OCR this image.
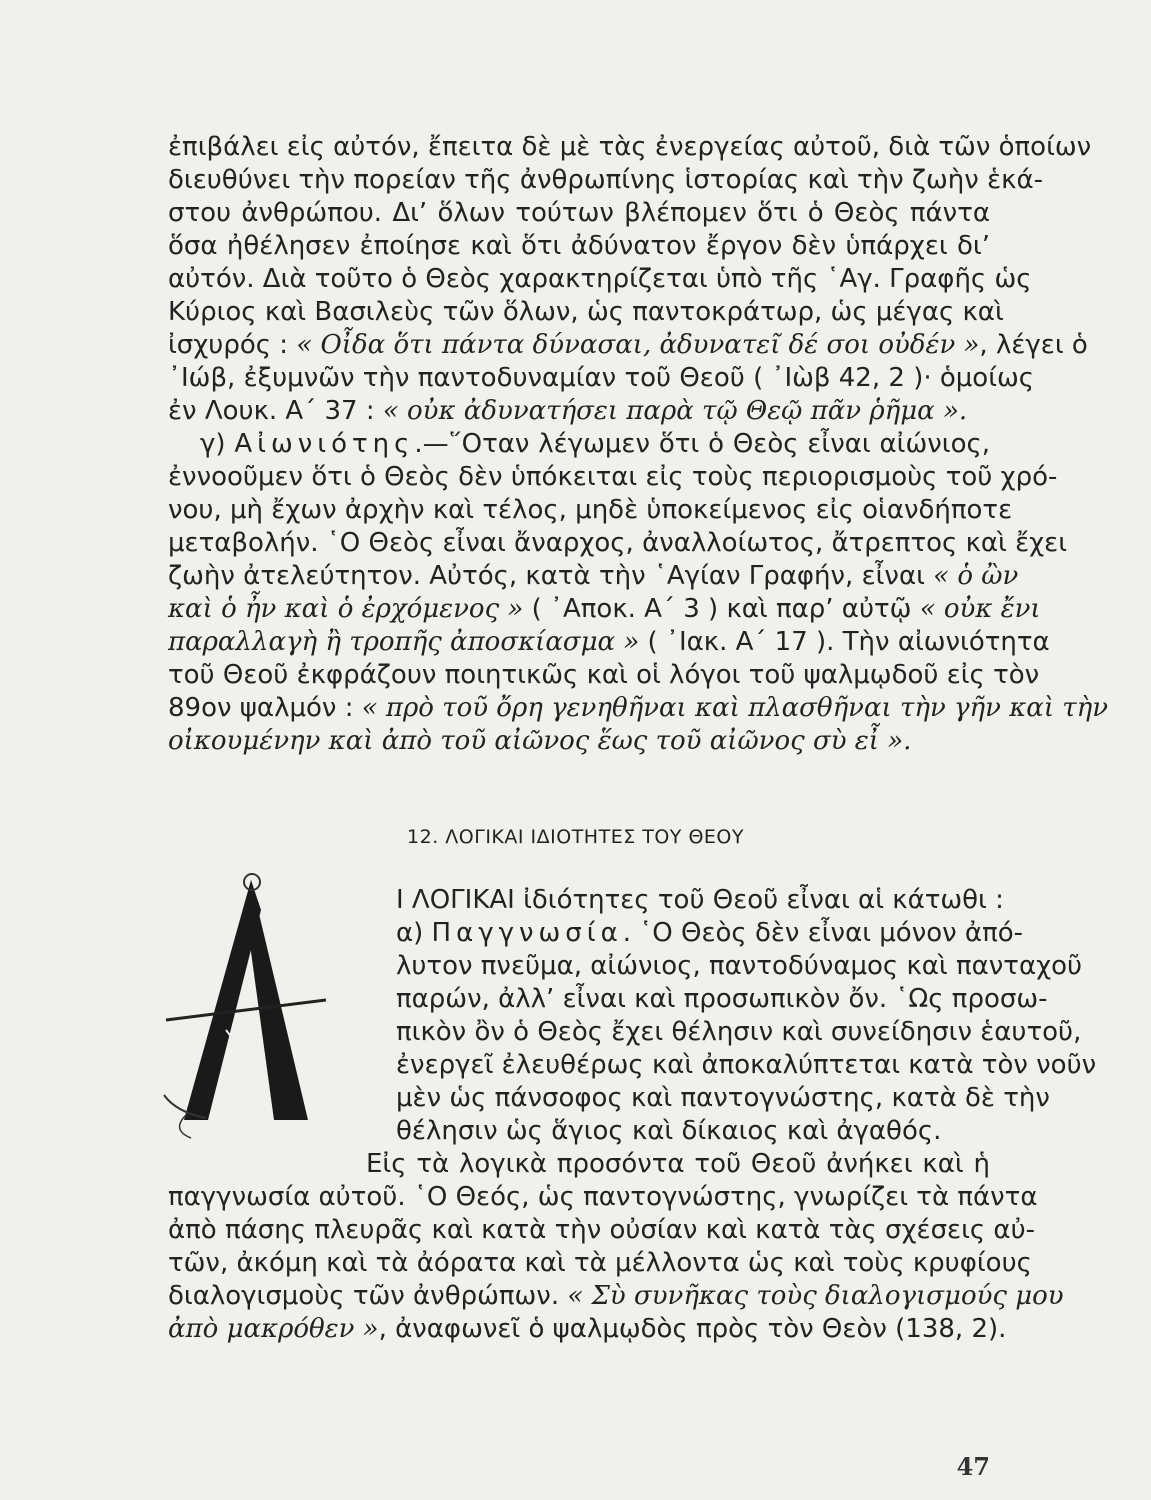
ἐπιβάλει εἰς αὐτόν, ἔπειτα δὲ μὲ τὰς ἐνεργείας αὐτοῦ, διὰ τῶν ὁποίων
διευθύνει τὴν πορείαν τῆς ἀνθρωπίνης ἱστορίας καὶ τὴν ζωὴν ἑκά-
στου ἀνθρώπου. Δι’ ὅλων τούτων βλέπομεν ὅτι ὁ Θεὸς πάντα
ὅσα ἠθέλησεν ἐποίησε καὶ ὅτι ἀδύνατον ἔργον δὲν ὑπάρχει δι’
αὐτόν. Διὰ τοῦτο ὁ Θεὸς χαρακτηρίζεται ὑπὸ τῆς ῾Αγ. Γραφῆς ὡς
Κύριος καὶ Βασιλεὺς τῶν ὅλων, ὡς παντοκράτωρ, ὡς μέγας καὶ
ἰσχυρός : « Οἶδα ὅτι πάντα δύνασαι, ἀδυνατεῖ δέ σοι οὐδέν », λέγει ὁ
᾿Ιώβ, ἐξυμνῶν τὴν παντοδυναμίαν τοῦ Θεοῦ ( ᾿Ιὼβ 42, 2 )· ὁμοίως
ἐν Λουκ. Α΄ 37 : « οὐκ ἀδυνατήσει παρὰ τῷ Θεῷ πᾶν ῥῆμα ».
γ) Αἰωνιότης.—῞Οταν λέγωμεν ὅτι ὁ Θεὸς εἶναι αἰώνιος,
ἐννοοῦμεν ὅτι ὁ Θεὸς δὲν ὑπόκειται εἰς τοὺς περιορισμοὺς τοῦ χρό-
νου, μὴ ἔχων ἀρχὴν καὶ τέλος, μηδὲ ὑποκείμενος εἰς οἱανδήποτε
μεταβολήν. ῾Ο Θεὸς εἶναι ἄναρχος, ἀναλλοίωτος, ἄτρεπτος καὶ ἔχει
ζωὴν ἀτελεύτητον. Αὐτός, κατὰ τὴν ῾Αγίαν Γραφήν, εἶναι « ὁ ὢν
καὶ ὁ ἦν καὶ ὁ ἐρχόμενος » ( ᾿Αποκ. Α΄ 3 ) καὶ παρ’ αὐτῷ « οὐκ ἔνι
παραλλαγὴ ἢ τροπῆς ἀποσκίασμα » ( ᾿Ιακ. Α΄ 17 ). Τὴν αἰωνιότητα
τοῦ Θεοῦ ἐκφράζουν ποιητικῶς καὶ οἱ λόγοι τοῦ ψαλμῳδοῦ εἰς τὸν
89ον ψαλμόν : « πρὸ τοῦ ὄρη γενηθῆναι καὶ πλασθῆναι τὴν γῆν καὶ τὴν
οἰκουμένην καὶ ἀπὸ τοῦ αἰῶνος ἕως τοῦ αἰῶνος σὺ εἶ ».
12. ΛΟΓΙΚΑΙ ΙΔΙΟΤΗΤΕΣ ΤΟΥ ΘΕΟΥ
Ι ΛΟΓΙΚΑΙ ἰδιότητες τοῦ Θεοῦ εἶναι αἱ κάτωθι :
α) Παγγνωσία. ῾Ο Θεὸς δὲν εἶναι μόνον ἀπό-
λυτον πνεῦμα, αἰώνιος, παντοδύναμος καὶ πανταχοῦ
παρών, ἀλλ’ εἶναι καὶ προσωπικὸν ὄν. ῾Ως προσω-
πικὸν ὂν ὁ Θεὸς ἔχει θέλησιν καὶ συνείδησιν ἑαυτοῦ,
ἐνεργεῖ ἐλευθέρως καὶ ἀποκαλύπτεται κατὰ τὸν νοῦν
μὲν ὡς πάνσοφος καὶ παντογνώστης, κατὰ δὲ τὴν
θέλησιν ὡς ἅγιος καὶ δίκαιος καὶ ἀγαθός.
Εἰς τὰ λογικὰ προσόντα τοῦ Θεοῦ ἀνήκει καὶ ἡ
παγγνωσία αὐτοῦ. ῾Ο Θεός, ὡς παντογνώστης, γνωρίζει τὰ πάντα
ἀπὸ πάσης πλευρᾶς καὶ κατὰ τὴν οὐσίαν καὶ κατὰ τὰς σχέσεις αὐ-
τῶν, ἀκόμη καὶ τὰ ἀόρατα καὶ τὰ μέλλοντα ὡς καὶ τοὺς κρυφίους
διαλογισμοὺς τῶν ἀνθρώπων. « Σὺ συνῆκας τοὺς διαλογισμούς μου
ἀπὸ μακρόθεν », ἀναφωνεῖ ὁ ψαλμῳδὸς πρὸς τὸν Θεὸν (138, 2).
47
